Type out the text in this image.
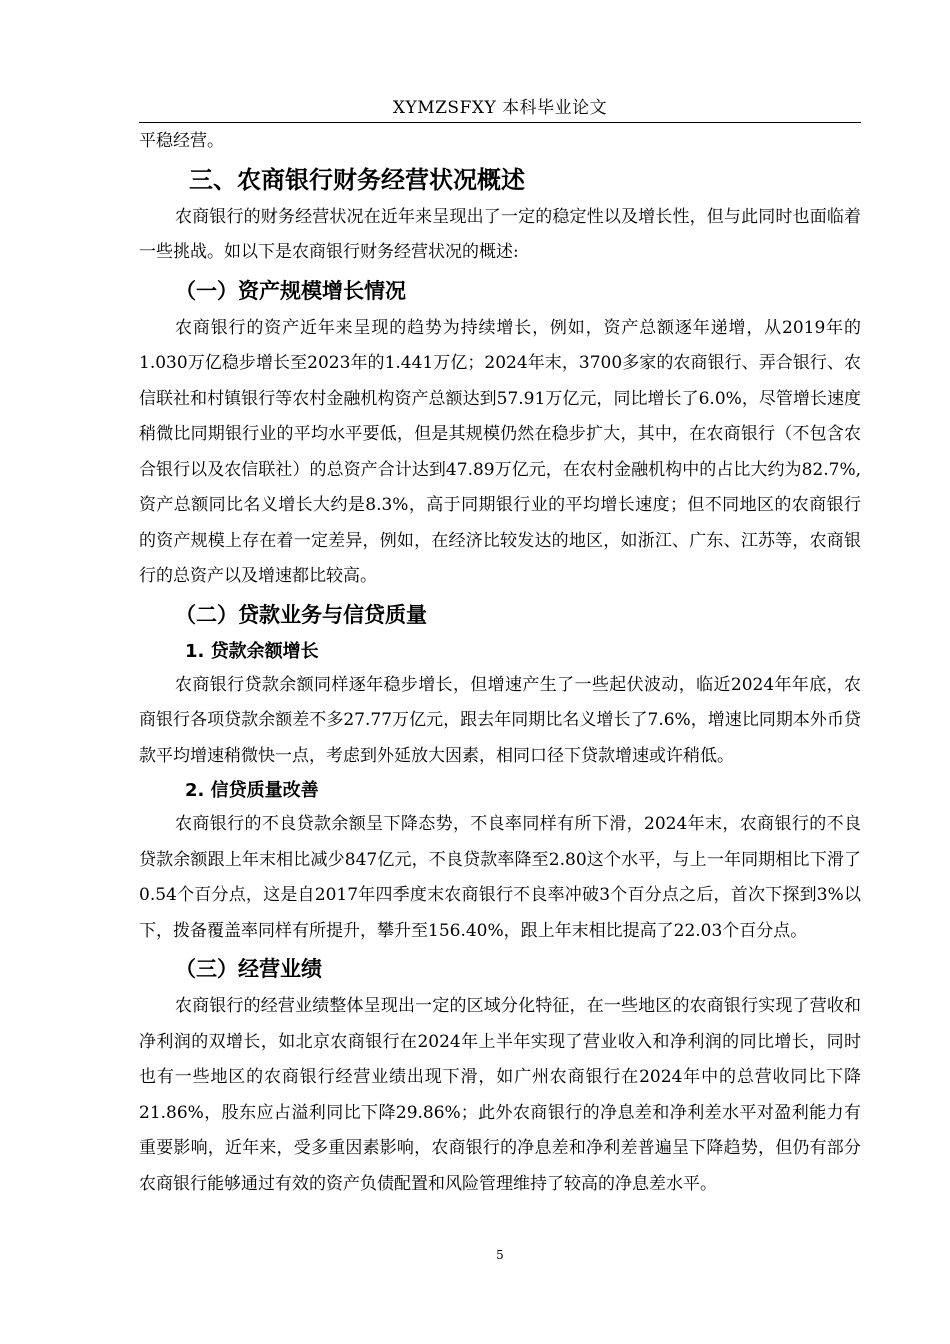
XYMZSFXY 本科毕业论文

平稳经营。

三、农商银行财务经营状况概述

农商银行的财务经营状况在近年来呈现出了一定的稳定性以及增长性，但与此同时也面临着一些挑战。如以下是农商银行财务经营状况的概述:

（一）资产规模增长情况

农商银行的资产近年来呈现的趋势为持续增长，例如，资产总额逐年递增，从2019年的1.030万亿稳步增长至2023年的1.441万亿；2024年末，3700多家的农商银行、弄合银行、农信联社和村镇银行等农村金融机构资产总额达到57.91万亿元，同比增长了6.0%，尽管增长速度稍微比同期银行业的平均水平要低，但是其规模仍然在稳步扩大，其中，在农商银行（不包含农合银行以及农信联社）的总资产合计达到47.89万亿元，在农村金融机构中的占比大约为82.7%,资产总额同比名义增长大约是8.3%，高于同期银行业的平均增长速度；但不同地区的农商银行的资产规模上存在着一定差异，例如，在经济比较发达的地区，如浙江、广东、江苏等，农商银行的总资产以及增速都比较高。

（二）贷款业务与信贷质量
1. 贷款余额增长

农商银行贷款余额同样逐年稳步增长，但增速产生了一些起伏波动，临近2024年年底，农商银行各项贷款余额差不多27.77万亿元，跟去年同期比名义增长了7.6%，增速比同期本外币贷款平均增速稍微快一点，考虑到外延放大因素，相同口径下贷款增速或许稍低。

2. 信贷质量改善

农商银行的不良贷款余额呈下降态势，不良率同样有所下滑，2024年末，农商银行的不良贷款余额跟上年末相比减少847亿元，不良贷款率降至2.80这个水平，与上一年同期相比下滑了0.54个百分点，这是自2017年四季度末农商银行不良率冲破3个百分点之后，首次下探到3%以下，拨备覆盖率同样有所提升，攀升至156.40%，跟上年末相比提高了22.03个百分点。

（三）经营业绩

农商银行的经营业绩整体呈现出一定的区域分化特征，在一些地区的农商银行实现了营收和净利润的双增长，如北京农商银行在2024年上半年实现了营业收入和净利润的同比增长，同时也有一些地区的农商银行经营业绩出现下滑，如广州农商银行在2024年中的总营收同比下降21.86%，股东应占溢利同比下降29.86%；此外农商银行的净息差和净利差水平对盈利能力有重要影响，近年来，受多重因素影响，农商银行的净息差和净利差普遍呈下降趋势，但仍有部分农商银行能够通过有效的资产负债配置和风险管理维持了较高的净息差水平。

5
